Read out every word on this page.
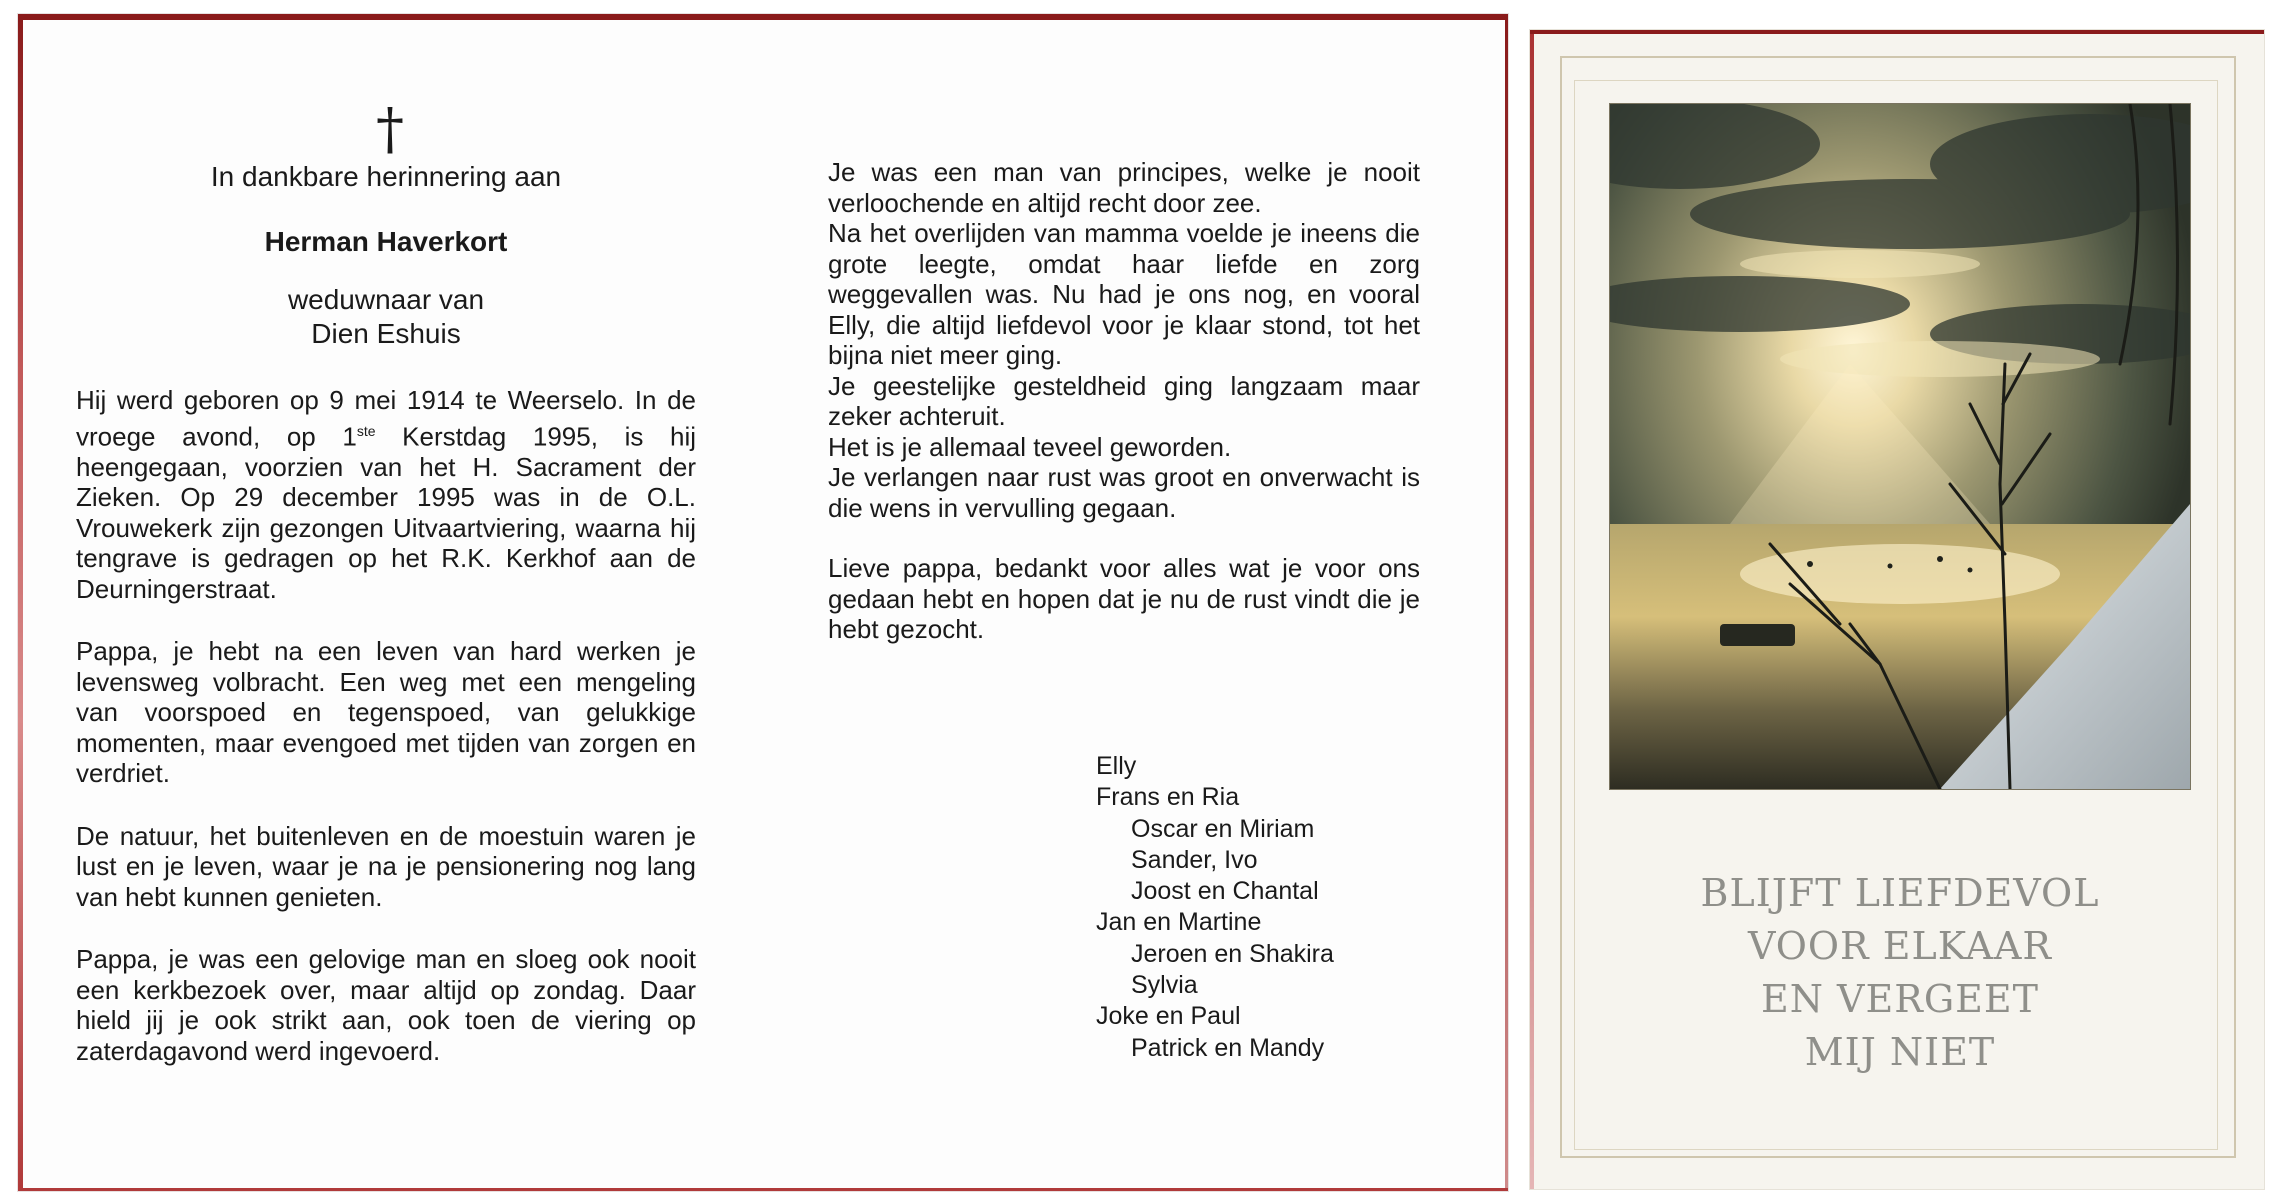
†
In dankbare herinnering aan
Herman Haverkort
weduwnaar van
Dien Eshuis

Hij werd geboren op 9 mei 1914 te Weerselo. In de vroege avond, op 1ste Kerstdag 1995, is hij heengegaan, voorzien van het H. Sacrament der Zieken. Op 29 december 1995 was in de O.L. Vrouwekerk zijn gezongen Uitvaartviering, waarna hij tengrave is gedragen op het R.K. Kerkhof aan de Deurningerstraat.

Pappa, je hebt na een leven van hard werken je levensweg volbracht. Een weg met een mengeling van voorspoed en tegenspoed, van gelukkige momenten, maar evengoed met tijden van zorgen en verdriet.

De natuur, het buitenleven en de moestuin waren je lust en je leven, waar je na je pensionering nog lang van hebt kunnen genieten.

Pappa, je was een gelovige man en sloeg ook nooit een kerkbezoek over, maar altijd op zondag. Daar hield jij je ook strikt aan, ook toen de viering op zaterdagavond werd ingevoerd.

Je was een man van principes, welke je nooit verloochende en altijd recht door zee.

Na het overlijden van mamma voelde je ineens die grote leegte, omdat haar liefde en zorg weggevallen was. Nu had je ons nog, en vooral Elly, die altijd liefdevol voor je klaar stond, tot het bijna niet meer ging.

Je geestelijke gesteldheid ging langzaam maar zeker achteruit.

Het is je allemaal teveel geworden.

Je verlangen naar rust was groot en onverwacht is die wens in vervulling gegaan.

Lieve pappa, bedankt voor alles wat je voor ons gedaan hebt en hopen dat je nu de rust vindt die je hebt gezocht.

Elly
Frans en Ria
Oscar en Miriam
Sander, Ivo
Joost en Chantal
Jan en Martine
Jeroen en Shakira
Sylvia
Joke en Paul
Patrick en Mandy
BLIJFT LIEFDEVOL
VOOR ELKAAR
EN VERGEET
MIJ NIET
